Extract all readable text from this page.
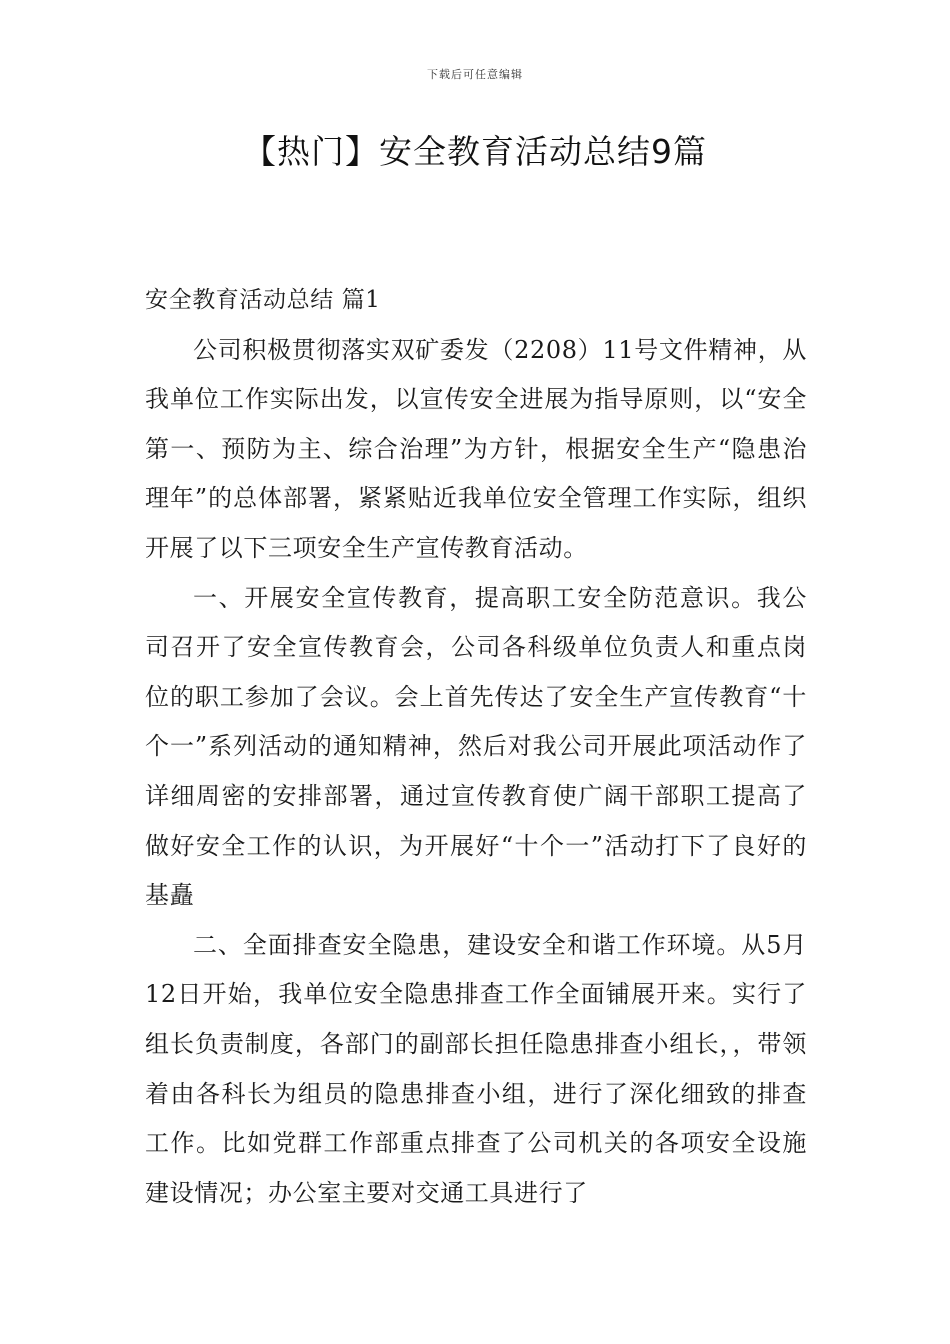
下载后可任意编辑
【热门】安全教育活动总结9篇

安全教育活动总结 篇1

公司积极贯彻落实双矿委发（2208）11号文件精神，从我单位工作实际出发，以宣传安全进展为指导原则，以“安全第一、预防为主、综合治理”为方针，根据安全生产“隐患治理年”的总体部署，紧紧贴近我单位安全管理工作实际，组织开展了以下三项安全生产宣传教育活动。

一、开展安全宣传教育，提高职工安全防范意识。我公司召开了安全宣传教育会，公司各科级单位负责人和重点岗位的职工参加了会议。会上首先传达了安全生产宣传教育“十个一”系列活动的通知精神，然后对我公司开展此项活动作了详细周密的安排部署，通过宣传教育使广阔干部职工提高了做好安全工作的认识，为开展好“十个一”活动打下了良好的基矗

二、全面排查安全隐患，建设安全和谐工作环境。从5月12日开始，我单位安全隐患排查工作全面铺展开来。实行了组长负责制度，各部门的副部长担任隐患排查小组长，，带领着由各科长为组员的隐患排查小组，进行了深化细致的排查工作。比如党群工作部重点排查了公司机关的各项安全设施建设情况；办公室主要对交通工具进行了
